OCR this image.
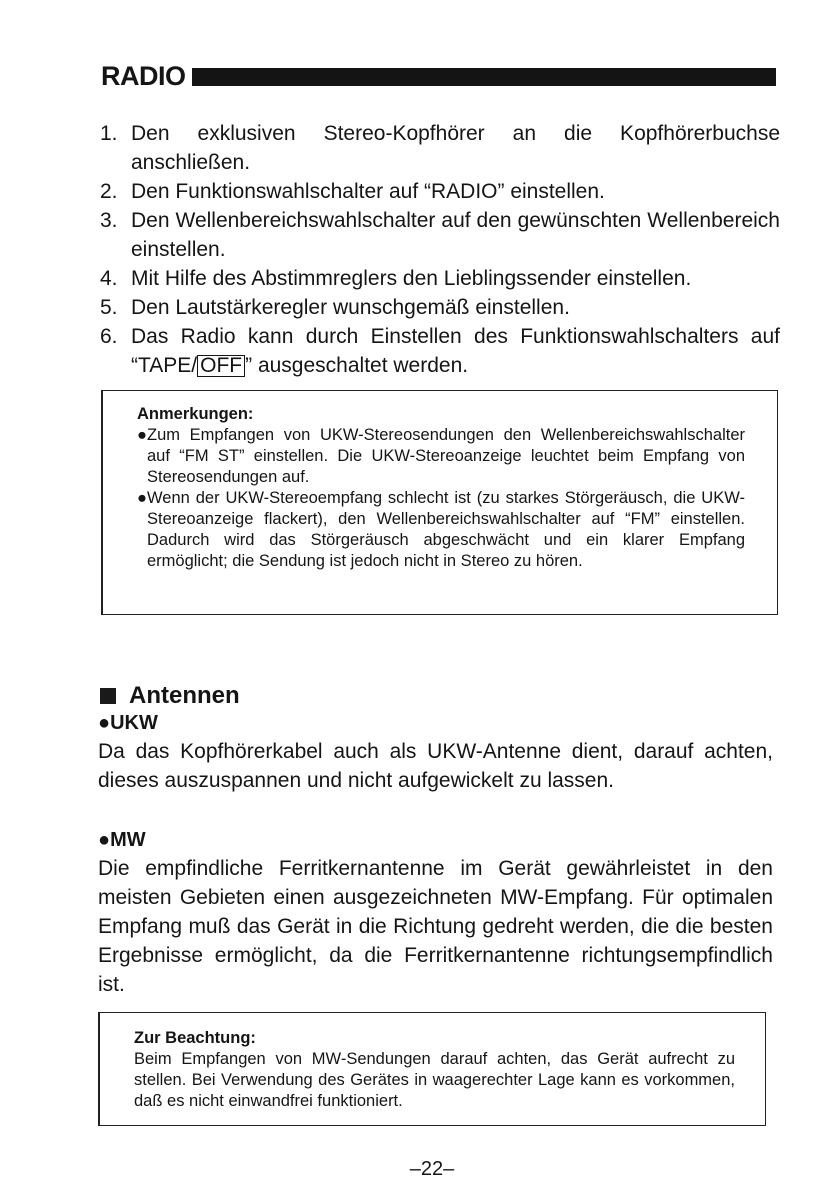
RADIO
1. Den exklusiven Stereo-Kopfhörer an die Kopfhörerbuchse anschließen.
2. Den Funktionswahlschalter auf “RADIO” einstellen.
3. Den Wellenbereichswahlschalter auf den gewünschten Wellenbereich einstellen.
4. Mit Hilfe des Abstimmreglers den Lieblingssender einstellen.
5. Den Lautstärkeregler wunschgemäß einstellen.
6. Das Radio kann durch Einstellen des Funktionswahlschalters auf “TAPE/ OFF ” ausgeschaltet werden.
Anmerkungen:
● Zum Empfangen von UKW-Stereosendungen den Wellenbereichswahlschalter auf “FM ST” einstellen. Die UKW-Stereoanzeige leuchtet beim Empfang von Stereosendungen auf.
● Wenn der UKW-Stereoempfang schlecht ist (zu starkes Störgeräusch, die UKW-Stereoanzeige flackert), den Wellenbereichswahlschalter auf “FM” einstellen. Dadurch wird das Störgeräusch abgeschwächt und ein klarer Empfang ermöglicht; die Sendung ist jedoch nicht in Stereo zu hören.
Antennen
●UKW
Da das Kopfhörerkabel auch als UKW-Antenne dient, darauf achten, dieses auszuspannen und nicht aufgewickelt zu lassen.
●MW
Die empfindliche Ferritkernantenne im Gerät gewährleistet in den meisten Gebieten einen ausgezeichneten MW-Empfang. Für optimalen Empfang muß das Gerät in die Richtung gedreht werden, die die besten Ergebnisse ermöglicht, da die Ferritkernantenne richtungsempfindlich ist.
Zur Beachtung:
Beim Empfangen von MW-Sendungen darauf achten, das Gerät aufrecht zu stellen. Bei Verwendung des Gerätes in waagerechter Lage kann es vorkommen, daß es nicht einwandfrei funktioniert.
–22–
